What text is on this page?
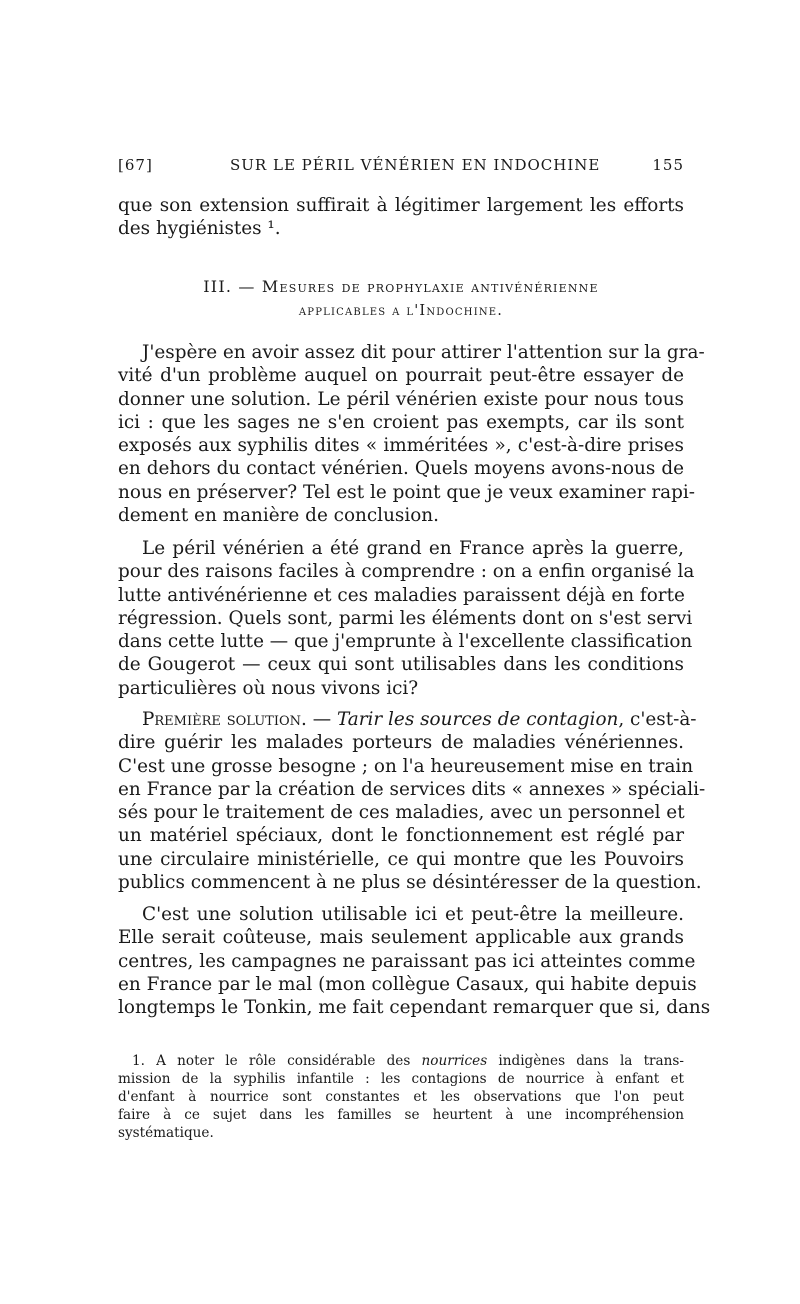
[67]	SUR LE PÉRIL VÉNÉRIEN EN INDOCHINE	155
que son extension suffirait à légitimer largement les efforts
des hygiénistes ¹.
III. — Mesures de prophylaxie antivénérienne
applicables a l'Indochine.
J'espère en avoir assez dit pour attirer l'attention sur la gra-
vité d'un problème auquel on pourrait peut-être essayer de
donner une solution. Le péril vénérien existe pour nous tous
ici : que les sages ne s'en croient pas exempts, car ils sont
exposés aux syphilis dites « imméritées », c'est-à-dire prises
en dehors du contact vénérien. Quels moyens avons-nous de
nous en préserver? Tel est le point que je veux examiner rapi-
dement en manière de conclusion.
Le péril vénérien a été grand en France après la guerre,
pour des raisons faciles à comprendre : on a enfin organisé la
lutte antivénérienne et ces maladies paraissent déjà en forte
régression. Quels sont, parmi les éléments dont on s'est servi
dans cette lutte — que j'emprunte à l'excellente classification
de Gougerot — ceux qui sont utilisables dans les conditions
particulières où nous vivons ici?
Première solution. — Tarir les sources de contagion, c'est-à-
dire guérir les malades porteurs de maladies vénériennes.
C'est une grosse besogne ; on l'a heureusement mise en train
en France par la création de services dits « annexes » spéciali-
sés pour le traitement de ces maladies, avec un personnel et
un matériel spéciaux, dont le fonctionnement est réglé par
une circulaire ministérielle, ce qui montre que les Pouvoirs
publics commencent à ne plus se désintéresser de la question.
C'est une solution utilisable ici et peut-être la meilleure.
Elle serait coûteuse, mais seulement applicable aux grands
centres, les campagnes ne paraissant pas ici atteintes comme
en France par le mal (mon collègue Casaux, qui habite depuis
longtemps le Tonkin, me fait cependant remarquer que si, dans
1. A noter le rôle considérable des nourrices indigènes dans la trans-
mission de la syphilis infantile : les contagions de nourrice à enfant et
d'enfant à nourrice sont constantes et les observations que l'on peut
faire à ce sujet dans les familles se heurtent à une incompréhension
systématique.
